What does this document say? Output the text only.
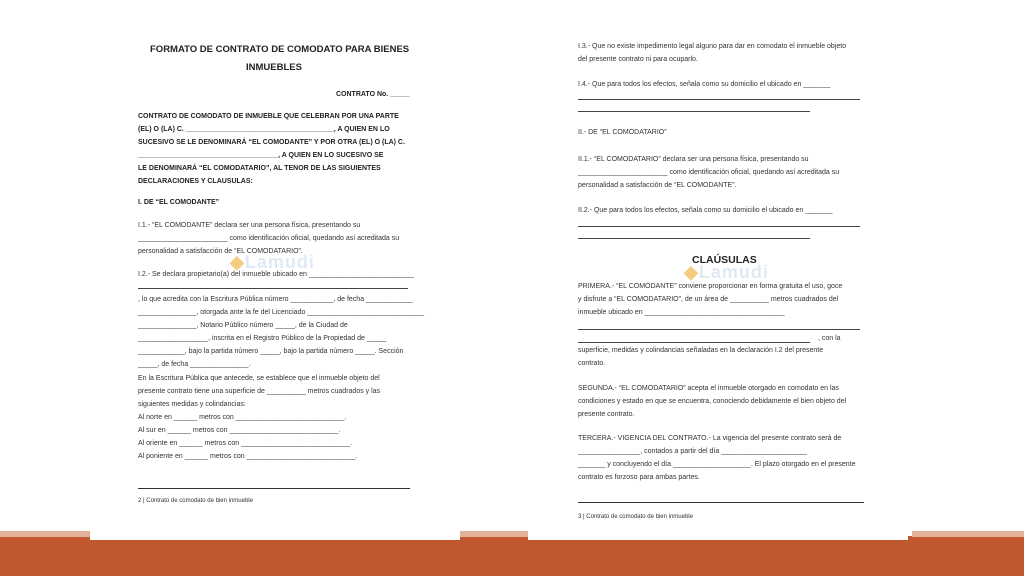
FORMATO DE CONTRATO DE COMODATO PARA BIENES
INMUEBLES
CONTRATO No. _____
CONTRATO DE COMODATO DE INMUEBLE QUE CELEBRAN POR UNA PARTE
(EL) O (LA) C. ______________________________________, A QUIEN EN LO
SUCESIVO SE LE DENOMINARÁ “EL COMODANTE” Y POR OTRA (EL) O (LA) C.
____________________________________, A QUIEN EN LO SUCESIVO SE
LE DENOMINARÁ “EL COMODATARIO”, AL TENOR DE LAS SIGUIENTES
DECLARACIONES Y CLAUSULAS:
I. DE “EL COMODANTE”
I.1.- “EL COMODANTE” declara ser una persona física, presentando su
_______________________ como identificación oficial, quedando así acreditada su
personalidad a satisfacción de “EL COMODATARIO”.
◆Lamudi
I.2.- Se declara propietario(a) del inmueble ubicado en ___________________________
, lo que acredita con la Escritura Pública número ___________, de fecha ____________
_______________, otorgada ante la fe del Licenciado ______________________________
_______________, Notario Público número _____, de la Ciudad de
__________________, inscrita en el Registro Público de la Propiedad de _____
____________, bajo la partida número _____, bajo la partida número _____. Sección
_____, de fecha _______________.
En la Escritura Pública que antecede, se establece que el inmueble objeto del
presente contrato tiene una superficie de __________ metros cuadrados y las
siguientes medidas y colindancias:
Al norte en ______ metros con ____________________________.
Al sur en ______ metros con ____________________________.
Al oriente en ______ metros con ____________________________.
Al poniente en ______ metros con ____________________________.
2 | Contrato de comodato de bien inmueble
I.3.- Que no existe impedimento legal alguno para dar en comodato el inmueble objeto
del presente contrato ni para ocuparlo.
I.4.- Que para todos los efectos, señala como su domicilio el ubicado en _______
II.- DE “EL COMODATARIO”
II.1.- “EL COMODATARIO” declara ser una persona física, presentando su
_______________________ como identificación oficial, quedando así acreditada su
personalidad a satisfacción de “EL COMODANTE”.
II.2.- Que para todos los efectos, señala como su domicilio el ubicado en _______
CLAÚSULAS
◆Lamudi
PRIMERA.- “EL COMODANTE” conviene proporcionar en forma gratuita el uso, goce
y disfrute a “EL COMODATARIO”, de un área de __________ metros cuadrados del
inmueble ubicado en ____________________________________
, con la
superficie, medidas y colindancias señaladas en la declaración I.2 del presente
contrato.
SEGUNDA.- “EL COMODATARIO” acepta el inmueble otorgado en comodato en las
condiciones y estado en que se encuentra, conociendo debidamente el bien objeto del
presente contrato.
TERCERA.- VIGENCIA DEL CONTRATO.- La vigencia del presente contrato será de
________________, contados a partir del día ______________________
_______ y concluyendo el día ____________________. El plazo otorgado en el presente
contrato es forzoso para ambas partes.
3 | Contrato de comodato de bien inmueble
